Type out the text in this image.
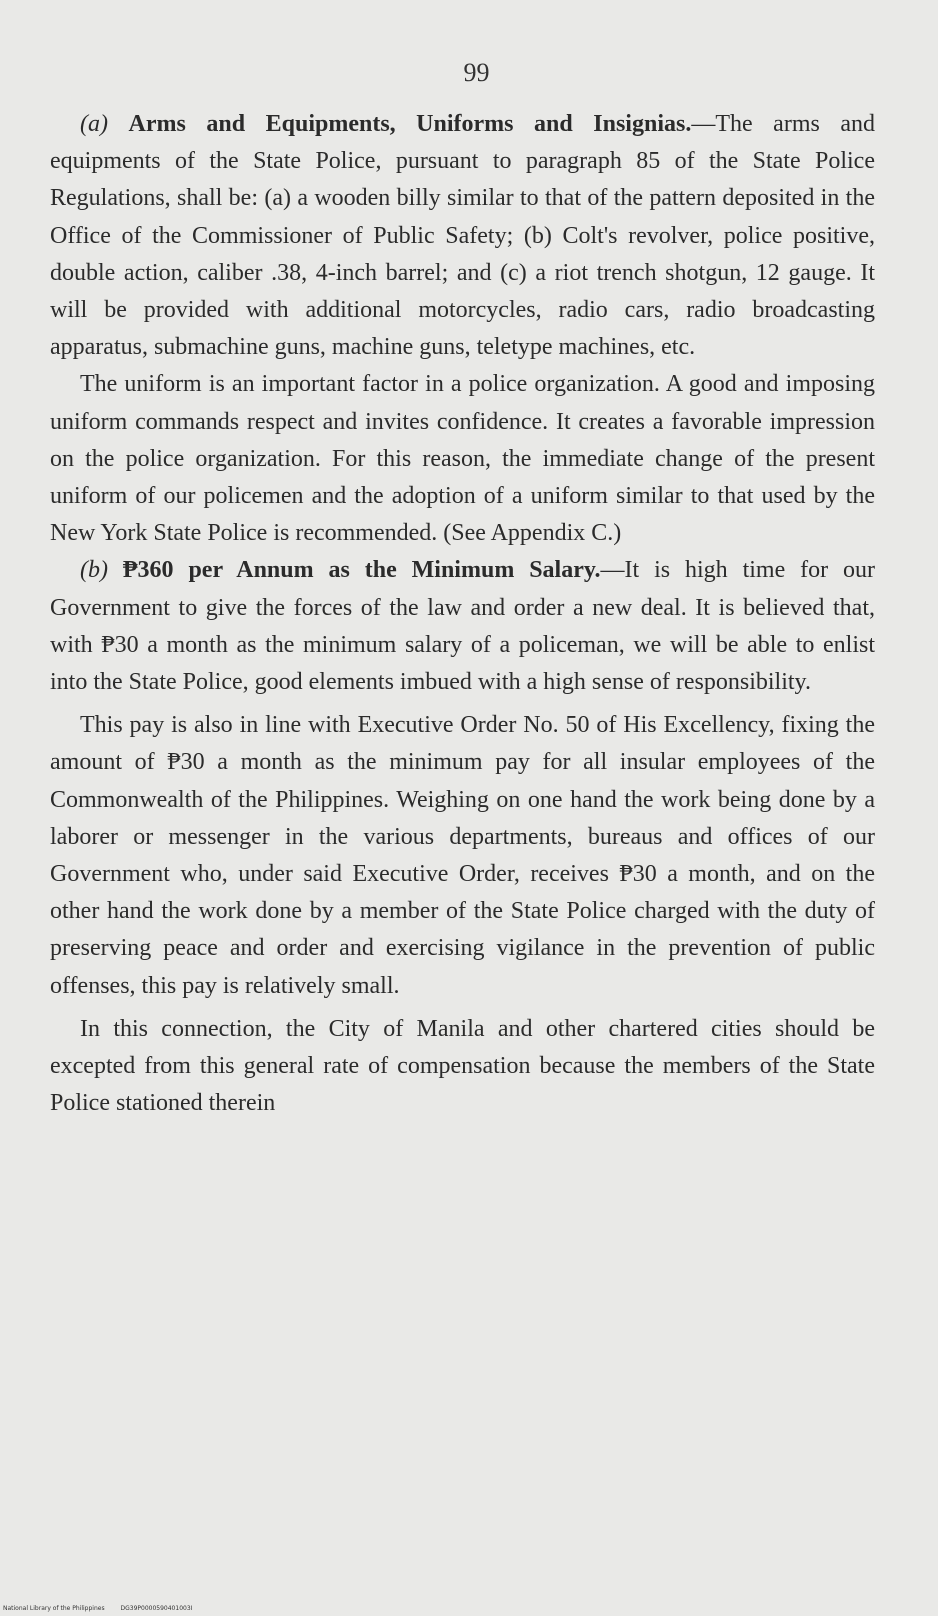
99

(a) Arms and Equipments, Uniforms and Insignias.—The arms and equipments of the State Police, pursuant to paragraph 85 of the State Police Regulations, shall be: (a) a wooden billy similar to that of the pattern deposited in the Office of the Commissioner of Public Safety; (b) Colt's revolver, police positive, double action, caliber .38, 4-inch barrel; and (c) a riot trench shotgun, 12 gauge. It will be provided with additional motorcycles, radio cars, radio broadcasting apparatus, submachine guns, machine guns, teletype machines, etc.

The uniform is an important factor in a police organization. A good and imposing uniform commands respect and invites confidence. It creates a favorable impression on the police organization. For this reason, the immediate change of the present uniform of our policemen and the adoption of a uniform similar to that used by the New York State Police is recommended. (See Appendix C.)

(b) ₱360 per Annum as the Minimum Salary.—It is high time for our Government to give the forces of the law and order a new deal. It is believed that, with ₱30 a month as the minimum salary of a policeman, we will be able to enlist into the State Police, good elements imbued with a high sense of responsibility.

This pay is also in line with Executive Order No. 50 of His Excellency, fixing the amount of ₱30 a month as the minimum pay for all insular employees of the Commonwealth of the Philippines. Weighing on one hand the work being done by a laborer or messenger in the various departments, bureaus and offices of our Government who, under said Executive Order, receives ₱30 a month, and on the other hand the work done by a member of the State Police charged with the duty of preserving peace and order and exercising vigilance in the prevention of public offenses, this pay is relatively small.

In this connection, the City of Manila and other chartered cities should be excepted from this general rate of compensation because the members of the State Police stationed therein

National Library of the Philippines	DG39P0000590401003I
